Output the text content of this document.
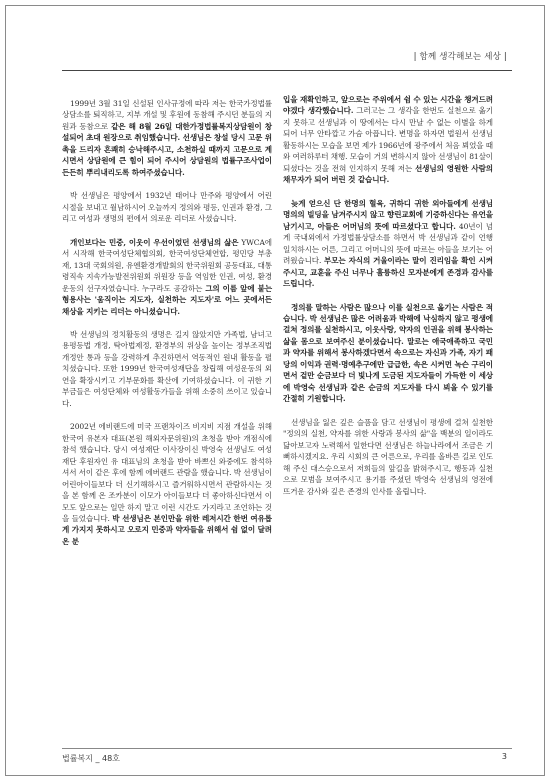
| 함께 생각해보는 세상 |

1999년 3월 31일 신설된 인사규정에 따라 저는 한국가정법률상담소를 퇴직하고, 지부 개설 및 후원에 동참해 주시던 분들의 지원과 동참으로 같은 해 8월 26일 대한가정법률복지상담원이 창설되어 초대 원장으로 취임했습니다. 선생님은 창설 당시 고문 위촉을 드리자 흔쾌히 승낙해주시고, 소천하실 때까지 고문으로 계시면서 상담원에 큰 힘이 되어 주시어 상담원의 법률구조사업이 든든히 뿌리내리도록 하여주셨습니다.

박 선생님은 평양에서 1932년 태어나 만주와 평양에서 어린 시절을 보내고 월남하시어 오늘까지 정의와 평등, 인권과 환경, 그리고 여성과 생명의 편에서 의로운 리더로 사셨습니다.

개인보다는 민중, 이웃이 우선이었던 선생님의 삶은 YWCA에서 시작해 한국여성단체협의회, 한국여성단체연합, 평민당 부총재, 13대 국회의원, 유엔환경개발회의 한국위원회 공동대표, 대통령직속 지속가능발전위원회 위원장 등을 역임한 인권, 여성, 환경운동의 선구자였습니다. 누구라도 공감하는 그의 이름 앞에 붙는 형용사는 '움직이는 지도자, 실천하는 지도자'로 어느 곳에서든 채상을 지키는 리더는 아니셨습니다.

박 선생님의 정치활동의 생명은 길지 않았지만 가족법, 남녀고용평등법 개정, 탁아법제정, 환경부의 위상을 높이는 정부조직법 개정안 통과 등을 강력하게 추진하면서 역동적인 원내 활동을 펼치셨습니다. 또한 1999년 한국여성재단을 창립해 여성운동의 외연을 확장시키고 기부문화를 확산에 기여하셨습니다. 이 귀한 기부금들은 여성단체와 여성활동가들을 위해 소중히 쓰이고 있습니다.

2002년 에비랜드에 미국 프랜차이즈 비지비 지점 개설을 위해 한국여 유본자 대표(본원 해외자문위원)의 초청을 받아 개점식에 참석 했습니다. 당시 여성재단 이사장이신 박영숙 선생님도 여성재단 후원자인 유 대표님의 초청을 받아 바쁘신 와중에도 참석하셔서 서이 같은 후에 함께 에버랜드 관람을 했습니다. 박 선생님이 어린아이들보다 더 신기해하시고 즐거워하시면서 관람하시는 것을 본 함께 온 조카분이 이모가 아이들보다 더 좋아하신다면서 이모도 앞으로는 일만 하지 말고 이런 시간도 가지라고 조언하는 것을 들었습니다. 박 선생님은 본인만을 위한 레저시간 한번 여유롭게 가지지 못하시고 오로지 민중과 약자들을 위해서 쉼 없이 달려온 분

입을 재확인하고, 앞으로는 주위에서 쉼 수 있는 시간을 챙겨드려야겠다 생각했습니다. 그러고는 그 생각을 한번도 실천으로 옮기지 못하고 선생님과 이 땅에서는 다시 만날 수 없는 이별을 하게 되어 너무 안타깝고 가슴 아픕니다. 변명을 하자면 법원서 선생님 활동하시는 모습을 보면 제가 1966년에 광주에서 처음 뵈었을 때와 여러하루터 채행. 모습이 거의 변하시지 않아 선생님이 81살이 되셨다는 것을 전혀 인지하지 못해 저는 선생님의 영원한 사람의 채무자가 되어 버린 것 같습니다.

늦게 얻으신 단 한명의 혈육, 귀하디 귀한 외아들에게 선생님 명의의 빌딩을 남겨주시지 않고 향린교회에 기증하신다는 유언을 남기시고, 아들은 어머님의 뜻에 따르셨다고 합니다. 40년이 넘게 국내외에서 가정법률상담소를 하면서 박 선생님과 같이 언행일치하시는 어른, 그리고 어머니의 뜻에 따르는 아들을 보기는 어려웠습니다. 부모는 자식의 거울이라는 말이 진리임을 확인 시켜주시고, 교훈을 주신 너무나 훌륭하신 모자분에게 존경과 감사를 드립니다.

정의를 말하는 사람은 많으나 이를 실천으로 옮기는 사람은 적습니다. 박 선생님은 많은 어려움과 박해에 낙심하지 않고 평생에 걸쳐 정의를 실천하시고, 이웃사랑, 약자의 인권을 위해 봉사하는 삶을 몸으로 보여주신 분이셨습니다. 말로는 애국애족하고 국민과 약자를 위해서 봉사하겠다면서 속으로는 자신과 가족, 자기 패당의 이익과 권력·명예추구에만 급급한, 속은 시커먼 녹슨 구리이면서 겉만 순금보다 더 빛나게 도금된 지도자들이 가득한 이 세상에 박영숙 선생님과 같은 순금의 지도자를 다시 뵈올 수 있기를 간절히 기원합니다.

선생님을 잃은 깊은 슬픔을 담고 선생님이 평생에 걸쳐 실천한 "정의의 실천, 약자를 위한 사랑과 봉사의 삶"을 백분의 일이라도 닮아보고자 노력해서 일한다면 선생님은 하늘나라에서 조금은 기뻐하시겠지요. 우리 시회의 큰 어른으로, 우리를 올바른 길로 인도해 주신 대스승으로서 저희들의 앞길을 밝혀주시고, 행동과 실천으로 모범을 보여주시고 용기를 주셨던 박영숙 선생님의 영전에 뜨거운 감사와 깊은 존경의 인사를 올립니다.

법률복지 _ 48호	3
